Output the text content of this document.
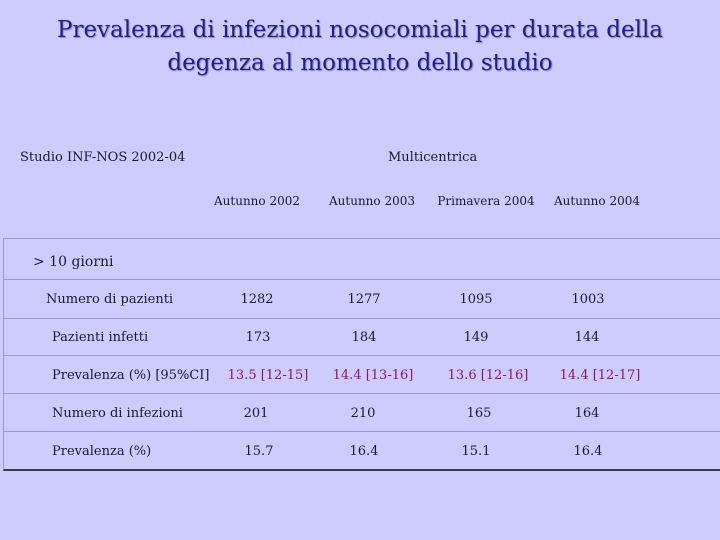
Prevalenza di infezioni nosocomiali per durata della
degenza al momento dello studio
Studio INF-NOS 2002-04	Multicentrica
Autunno 2002	Autunno 2003	Primavera 2004	Autunno 2004
> 10 giorni
Numero di pazienti	1282	1277	1095	1003
Pazienti infetti	173	184	149	144
Prevalenza (%) [95%CI]	13.5 [12-15]	14.4 [13-16]	13.6 [12-16]	14.4 [12-17]
Numero di infezioni	201	210	165	164
Prevalenza (%)	15.7	16.4	15.1	16.4
